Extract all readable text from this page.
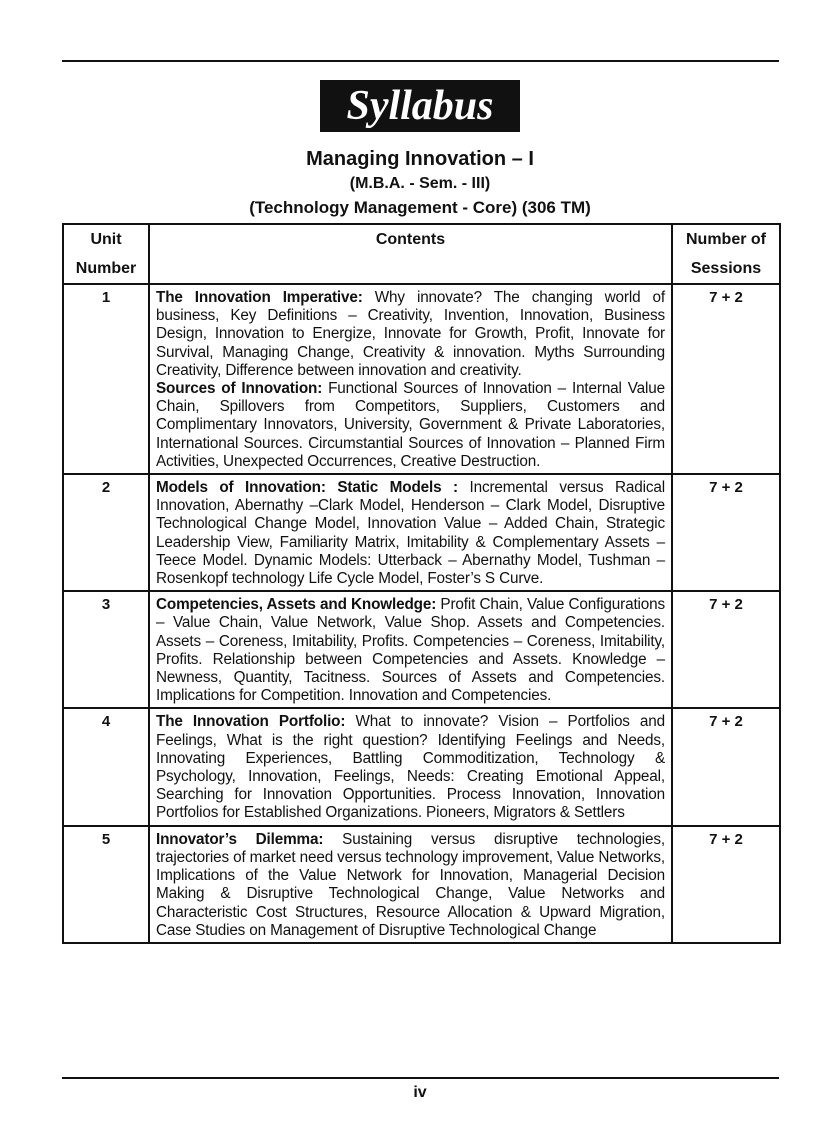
Syllabus
Managing Innovation – I
(M.B.A. - Sem. - III)
(Technology Management - Core) (306 TM)
Unit Number	Contents	Number of Sessions
1	The Innovation Imperative: Why innovate? The changing world of business, Key Definitions – Creativity, Invention, Innovation, Business Design, Innovation to Energize, Innovate for Growth, Profit, Innovate for Survival, Managing Change, Creativity & innovation. Myths Surrounding Creativity, Difference between innovation and creativity.

Sources of Innovation: Functional Sources of Innovation – Internal Value Chain, Spillovers from Competitors, Suppliers, Customers and Complimentary Innovators, University, Government & Private Laboratories, International Sources. Circumstantial Sources of Innovation – Planned Firm Activities, Unexpected Occurrences, Creative Destruction.	7 + 2
2	Models of Innovation: Static Models : Incremental versus Radical Innovation, Abernathy –Clark Model, Henderson – Clark Model, Disruptive Technological Change Model, Innovation Value – Added Chain, Strategic Leadership View, Familiarity Matrix, Imitability & Complementary Assets – Teece Model. Dynamic Models: Utterback – Abernathy Model, Tushman – Rosenkopf technology Life Cycle Model, Foster’s S Curve.	7 + 2
3	Competencies, Assets and Knowledge: Profit Chain, Value Configurations – Value Chain, Value Network, Value Shop. Assets and Competencies. Assets – Coreness, Imitability, Profits. Competencies – Coreness, Imitability, Profits. Relationship between Competencies and Assets. Knowledge – Newness, Quantity, Tacitness. Sources of Assets and Competencies. Implications for Competition. Innovation and Competencies.	7 + 2
4	The Innovation Portfolio: What to innovate? Vision – Portfolios and Feelings, What is the right question? Identifying Feelings and Needs, Innovating Experiences, Battling Commoditization, Technology & Psychology, Innovation, Feelings, Needs: Creating Emotional Appeal, Searching for Innovation Opportunities. Process Innovation, Innovation Portfolios for Established Organizations. Pioneers, Migrators & Settlers	7 + 2
5	Innovator’s Dilemma: Sustaining versus disruptive technologies, trajectories of market need versus technology improvement, Value Networks, Implications of the Value Network for Innovation, Managerial Decision Making & Disruptive Technological Change, Value Networks and Characteristic Cost Structures, Resource Allocation & Upward Migration, Case Studies on Management of Disruptive Technological Change	7 + 2
iv
